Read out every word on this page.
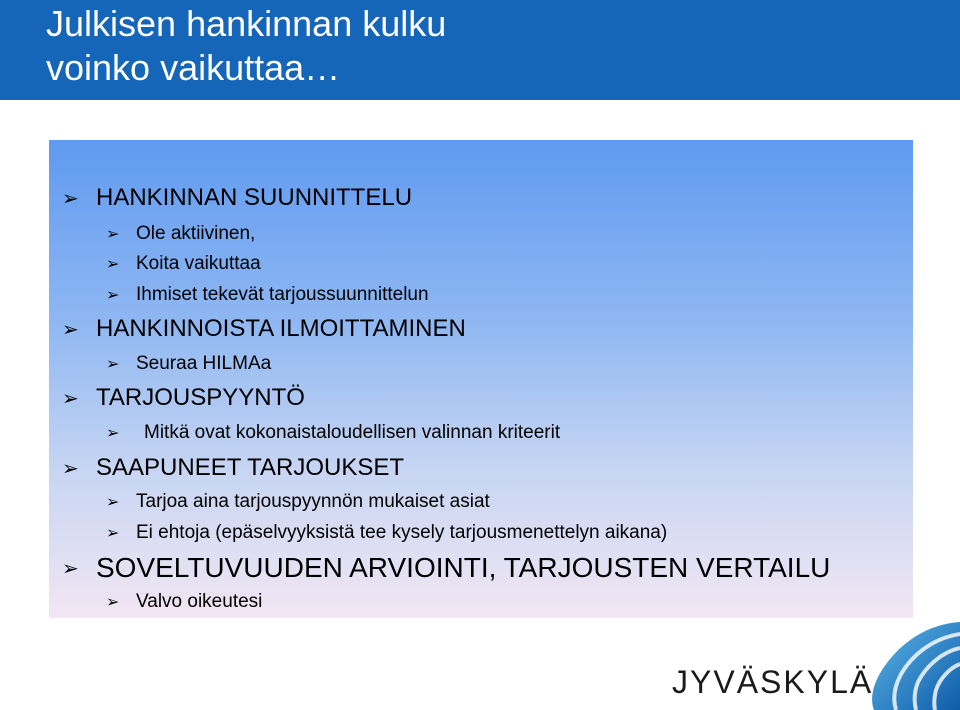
Julkisen hankinnan kulku
voinko vaikuttaa…
➢ HANKINNAN SUUNNITTELU
➢ Ole aktiivinen,
➢ Koita vaikuttaa
➢ Ihmiset tekevät tarjoussuunnittelun
➢ HANKINNOISTA ILMOITTAMINEN
➢ Seuraa HILMAa
➢ TARJOUSPYYNTÖ
➢ Mitkä ovat kokonaistaloudellisen valinnan kriteerit
➢ SAAPUNEET TARJOUKSET
➢ Tarjoa aina tarjouspyynnön mukaiset asiat
➢ Ei ehtoja (epäselvyyksistä tee kysely tarjousmenettelyn aikana)
➢ SOVELTUVUUDEN ARVIOINTI, TARJOUSTEN VERTAILU
➢ Valvo oikeutesi
JYVÄSKYLÄ
